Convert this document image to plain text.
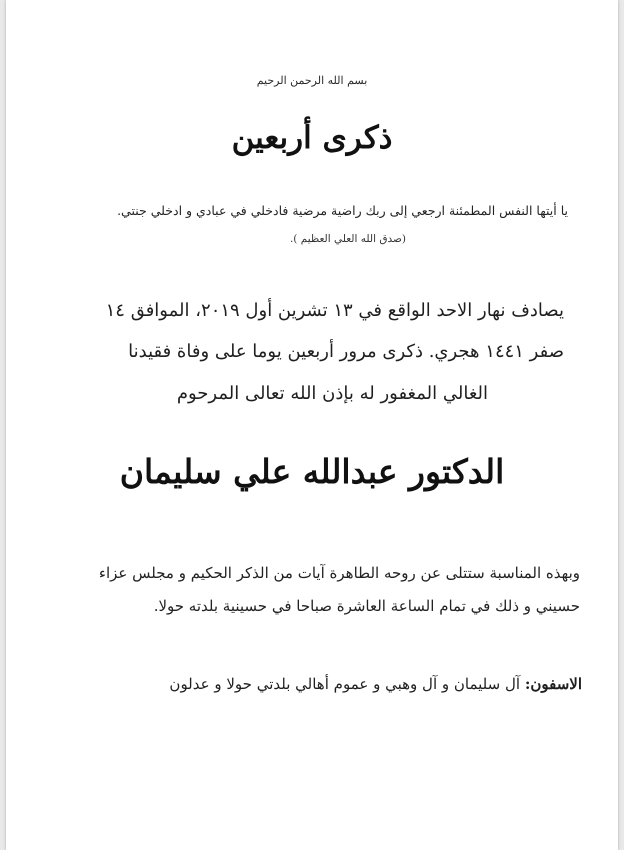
بسم الله الرحمن الرحيم

ذكرى أربعين

يا أيتها النفس المطمئنة ارجعي إلى ربك راضية مرضية فادخلي في عبادي و ادخلي جنتي.

(صدق الله العلي العظيم ).

يصادف نهار الاحد الواقع في ١٣ تشرين أول ٢٠١٩، الموافق ١٤

صفر ١٤٤١ هجري. ذكرى مرور أربعين يوما على وفاة فقيدنا

الغالي المغفور له بإذن الله تعالى المرحوم

الدكتور عبدالله علي سليمان

وبهذه المناسبة ستتلى عن روحه الطاهرة آيات من الذكر الحكيم و مجلس عزاء

حسيني و ذلك في تمام الساعة العاشرة صباحا في حسينية بلدته حولا.

الاسفون: آل سليمان و آل وهبي و عموم أهالي بلدتي حولا و عدلون
